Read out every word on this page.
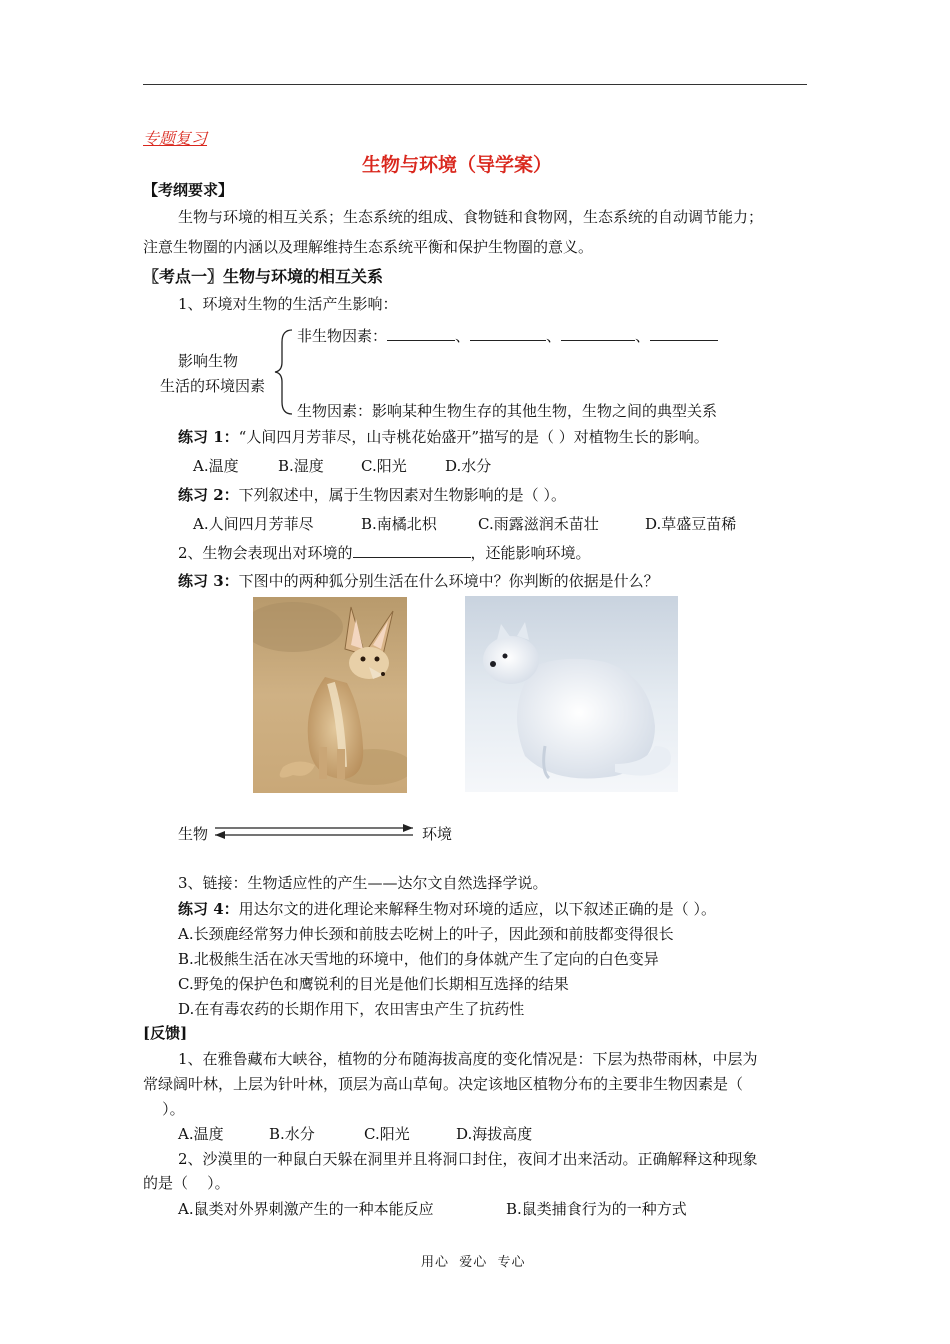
专题复习
生物与环境（导学案）
【考纲要求】
生物与环境的相互关系；生态系统的组成、食物链和食物网，生态系统的自动调节能力；
注意生物圈的内涵以及理解维持生态系统平衡和保护生物圈的意义。
〖考点一〗生物与环境的相互关系
1、环境对生物的生活产生影响：
非生物因素：	、	、	、
影响生物
生活的环境因素
生物因素：影响某种生物生存的其他生物，生物之间的典型关系
练习 1：“人间四月芳菲尽，山寺桃花始盛开”描写的是（ ）对植物生长的影响。
A.温度	B.湿度 C.阳光	D.水分
练习 2：下列叙述中，属于生物因素对生物影响的是（ ）。
A.人间四月芳菲尽	B.南橘北枳	C.雨露滋润禾苗壮	D.草盛豆苗稀
2、生物会表现出对环境的	，还能影响环境。
练习 3：下图中的两种狐分别生活在什么环境中？你判断的依据是什么？
生物	环境
3、链接：生物适应性的产生——达尔文自然选择学说。
练习 4：用达尔文的进化理论来解释生物对环境的适应，以下叙述正确的是（ ）。
A.长颈鹿经常努力伸长颈和前肢去吃树上的叶子，因此颈和前肢都变得很长
B.北极熊生活在冰天雪地的环境中，他们的身体就产生了定向的白色变异
C.野兔的保护色和鹰锐利的目光是他们长期相互选择的结果
D.在有毒农药的长期作用下，农田害虫产生了抗药性
[反馈]
1、在雅鲁藏布大峡谷，植物的分布随海拔高度的变化情况是：下层为热带雨林，中层为
常绿阔叶林，上层为针叶林，顶层为高山草甸。决定该地区植物分布的主要非生物因素是（
）。
A.温度	B.水分	C.阳光	D.海拔高度
2、沙漠里的一种鼠白天躲在洞里并且将洞口封住，夜间才出来活动。正确解释这种现象
的是（    ）。
A.鼠类对外界刺激产生的一种本能反应	B.鼠类捕食行为的一种方式
用心  爱心  专心
